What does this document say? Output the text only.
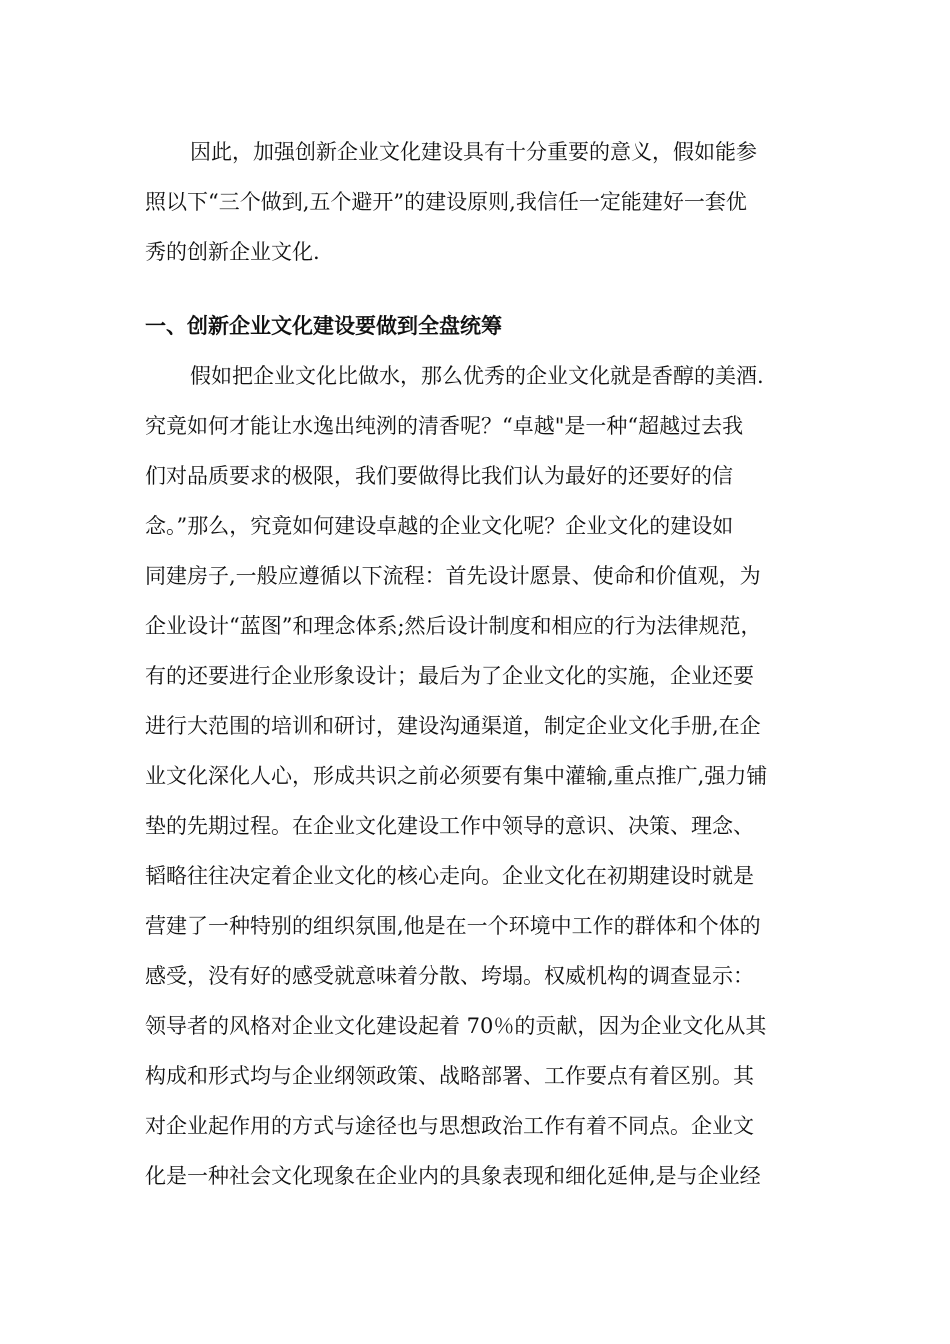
因此，加强创新企业文化建设具有十分重要的意义，假如能参
照以下“三个做到,五个避开”的建设原则,我信任一定能建好一套优
秀的创新企业文化.
一、创新企业文化建设要做到全盘统筹
假如把企业文化比做水，那么优秀的企业文化就是香醇的美酒.
究竟如何才能让水逸出纯洌的清香呢？“卓越"是一种“超越过去我
们对品质要求的极限，我们要做得比我们认为最好的还要好的信
念。”那么，究竟如何建设卓越的企业文化呢？企业文化的建设如
同建房子,一般应遵循以下流程：首先设计愿景、使命和价值观，为
企业设计“蓝图”和理念体系;然后设计制度和相应的行为法律规范，
有的还要进行企业形象设计；最后为了企业文化的实施，企业还要
进行大范围的培训和研讨，建设沟通渠道，制定企业文化手册,在企
业文化深化人心，形成共识之前必须要有集中灌输,重点推广,强力铺
垫的先期过程。在企业文化建设工作中领导的意识、决策、理念、
韬略往往决定着企业文化的核心走向。企业文化在初期建设时就是
营建了一种特别的组织氛围,他是在一个环境中工作的群体和个体的
感受，没有好的感受就意味着分散、垮塌。权威机构的调查显示：
领导者的风格对企业文化建设起着 70％的贡献，因为企业文化从其
构成和形式均与企业纲领政策、战略部署、工作要点有着区别。其
对企业起作用的方式与途径也与思想政治工作有着不同点。企业文
化是一种社会文化现象在企业内的具象表现和细化延伸,是与企业经
